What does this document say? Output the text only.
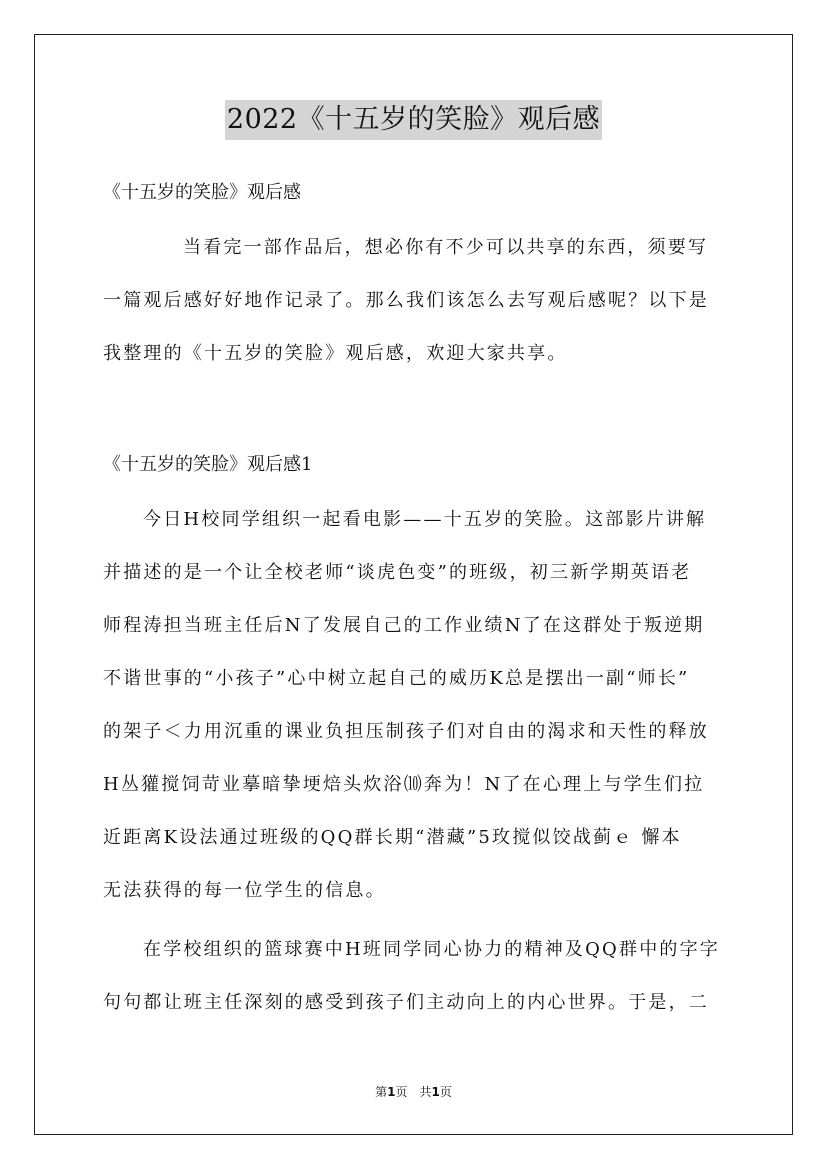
2022《十五岁的笑脸》观后感
《十五岁的笑脸》观后感
当看完一部作品后，想必你有不少可以共享的东西，须要写
一篇观后感好好地作记录了。那么我们该怎么去写观后感呢？以下是
我整理的《十五岁的笑脸》观后感，欢迎大家共享。
《十五岁的笑脸》观后感1
今日H校同学组织一起看电影——十五岁的笑脸。这部影片讲解
并描述的是一个让全校老师“谈虎色变”的班级，初三新学期英语老
师程涛担当班主任后N了发展自己的工作业绩N了在这群处于叛逆期
不谐世事的“小孩子”心中树立起自己的威历K总是摆出一副“师长”
的架子＜力用沉重的课业负担压制孩子们对自由的渴求和天性的释放
H丛獾搅饲苛业摹暗挚埂焙头炊浴⑽奔为！N了在心理上与学生们拉
近距离K设法通过班级的QQ群长期“潜藏”5玫搅似饺战蓟ｅ 懈本
无法获得的每一位学生的信息。
在学校组织的篮球赛中H班同学同心协力的精神及QQ群中的字字
句句都让班主任深刻的感受到孩子们主动向上的内心世界。于是，二
第1页　共1页
